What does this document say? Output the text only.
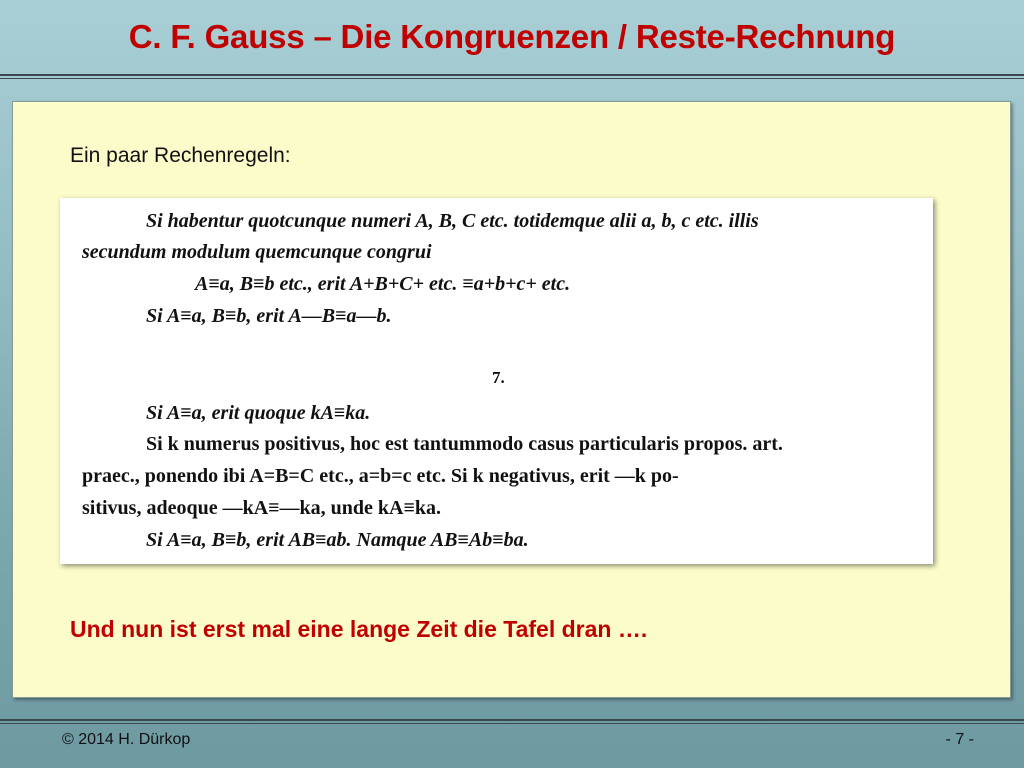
C. F. Gauss – Die Kongruenzen / Reste-Rechnung
Ein paar Rechenregeln:
Si habentur quotcunque numeri A, B, C etc. totidemque alii a, b, c etc. illis
secundum modulum quemcunque congrui
A≡a, B≡b etc., erit A+B+C+ etc. ≡a+b+c+ etc.
Si A≡a, B≡b, erit A—B≡a—b.
7.
Si A≡a, erit quoque kA≡ka.
Si k numerus positivus, hoc est tantummodo casus particularis propos. art.
praec., ponendo ibi A=B=C etc., a=b=c etc. Si k negativus, erit —k po-
sitivus, adeoque —kA≡—ka, unde kA≡ka.
Si A≡a, B≡b, erit AB≡ab. Namque AB≡Ab≡ba.
Und nun ist erst mal eine lange Zeit die Tafel dran ….
© 2014 H. Dürkop	- 7 -
